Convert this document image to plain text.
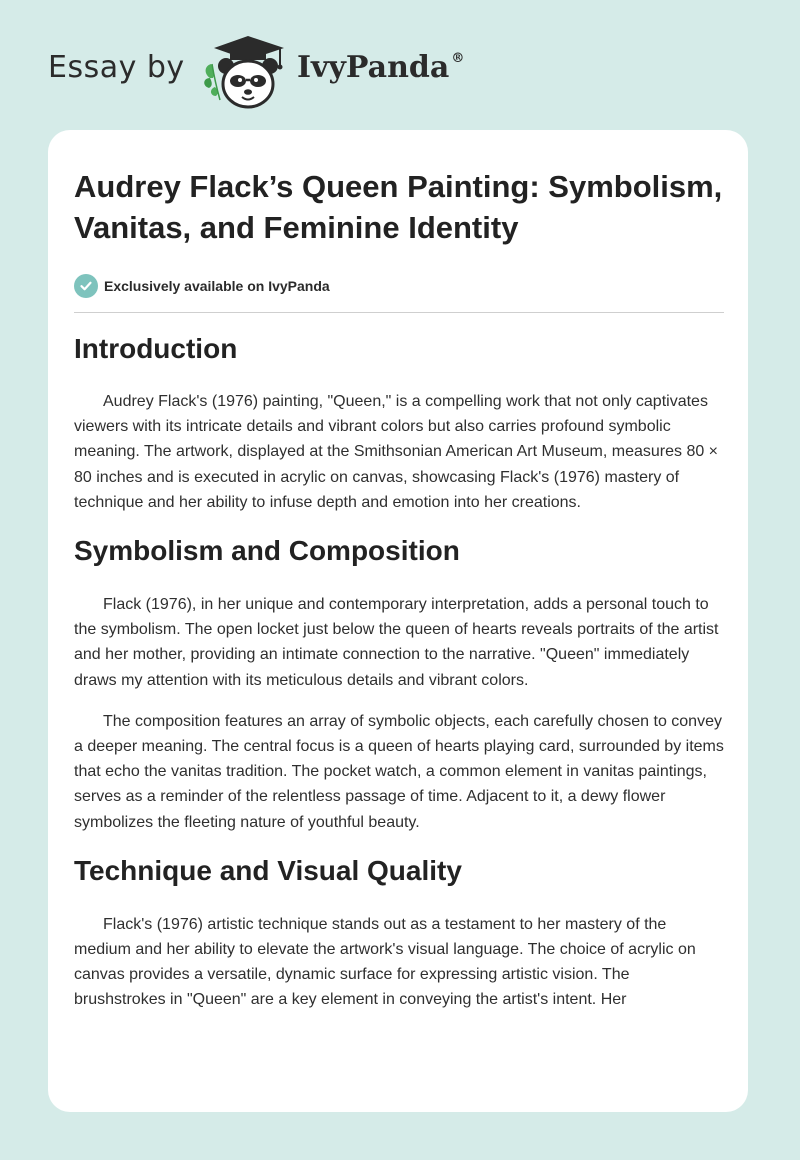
Essay by	IvyPanda ®
Audrey Flack’s Queen Painting: Symbolism, Vanitas, and Feminine Identity
Exclusively available on IvyPanda
Introduction

Audrey Flack's (1976) painting, "Queen," is a compelling work that not only captivates viewers with its intricate details and vibrant colors but also carries profound symbolic meaning. The artwork, displayed at the Smithsonian American Art Museum, measures 80 × 80 inches and is executed in acrylic on canvas, showcasing Flack's (1976) mastery of technique and her ability to infuse depth and emotion into her creations.

Symbolism and Composition

Flack (1976), in her unique and contemporary interpretation, adds a personal touch to the symbolism. The open locket just below the queen of hearts reveals portraits of the artist and her mother, providing an intimate connection to the narrative. "Queen" immediately draws my attention with its meticulous details and vibrant colors.

The composition features an array of symbolic objects, each carefully chosen to convey a deeper meaning. The central focus is a queen of hearts playing card, surrounded by items that echo the vanitas tradition. The pocket watch, a common element in vanitas paintings, serves as a reminder of the relentless passage of time. Adjacent to it, a dewy flower symbolizes the fleeting nature of youthful beauty.

Technique and Visual Quality

Flack's (1976) artistic technique stands out as a testament to her mastery of the medium and her ability to elevate the artwork's visual language. The choice of acrylic on canvas provides a versatile, dynamic surface for expressing artistic vision. The brushstrokes in "Queen" are a key element in conveying the artist's intent. Her
